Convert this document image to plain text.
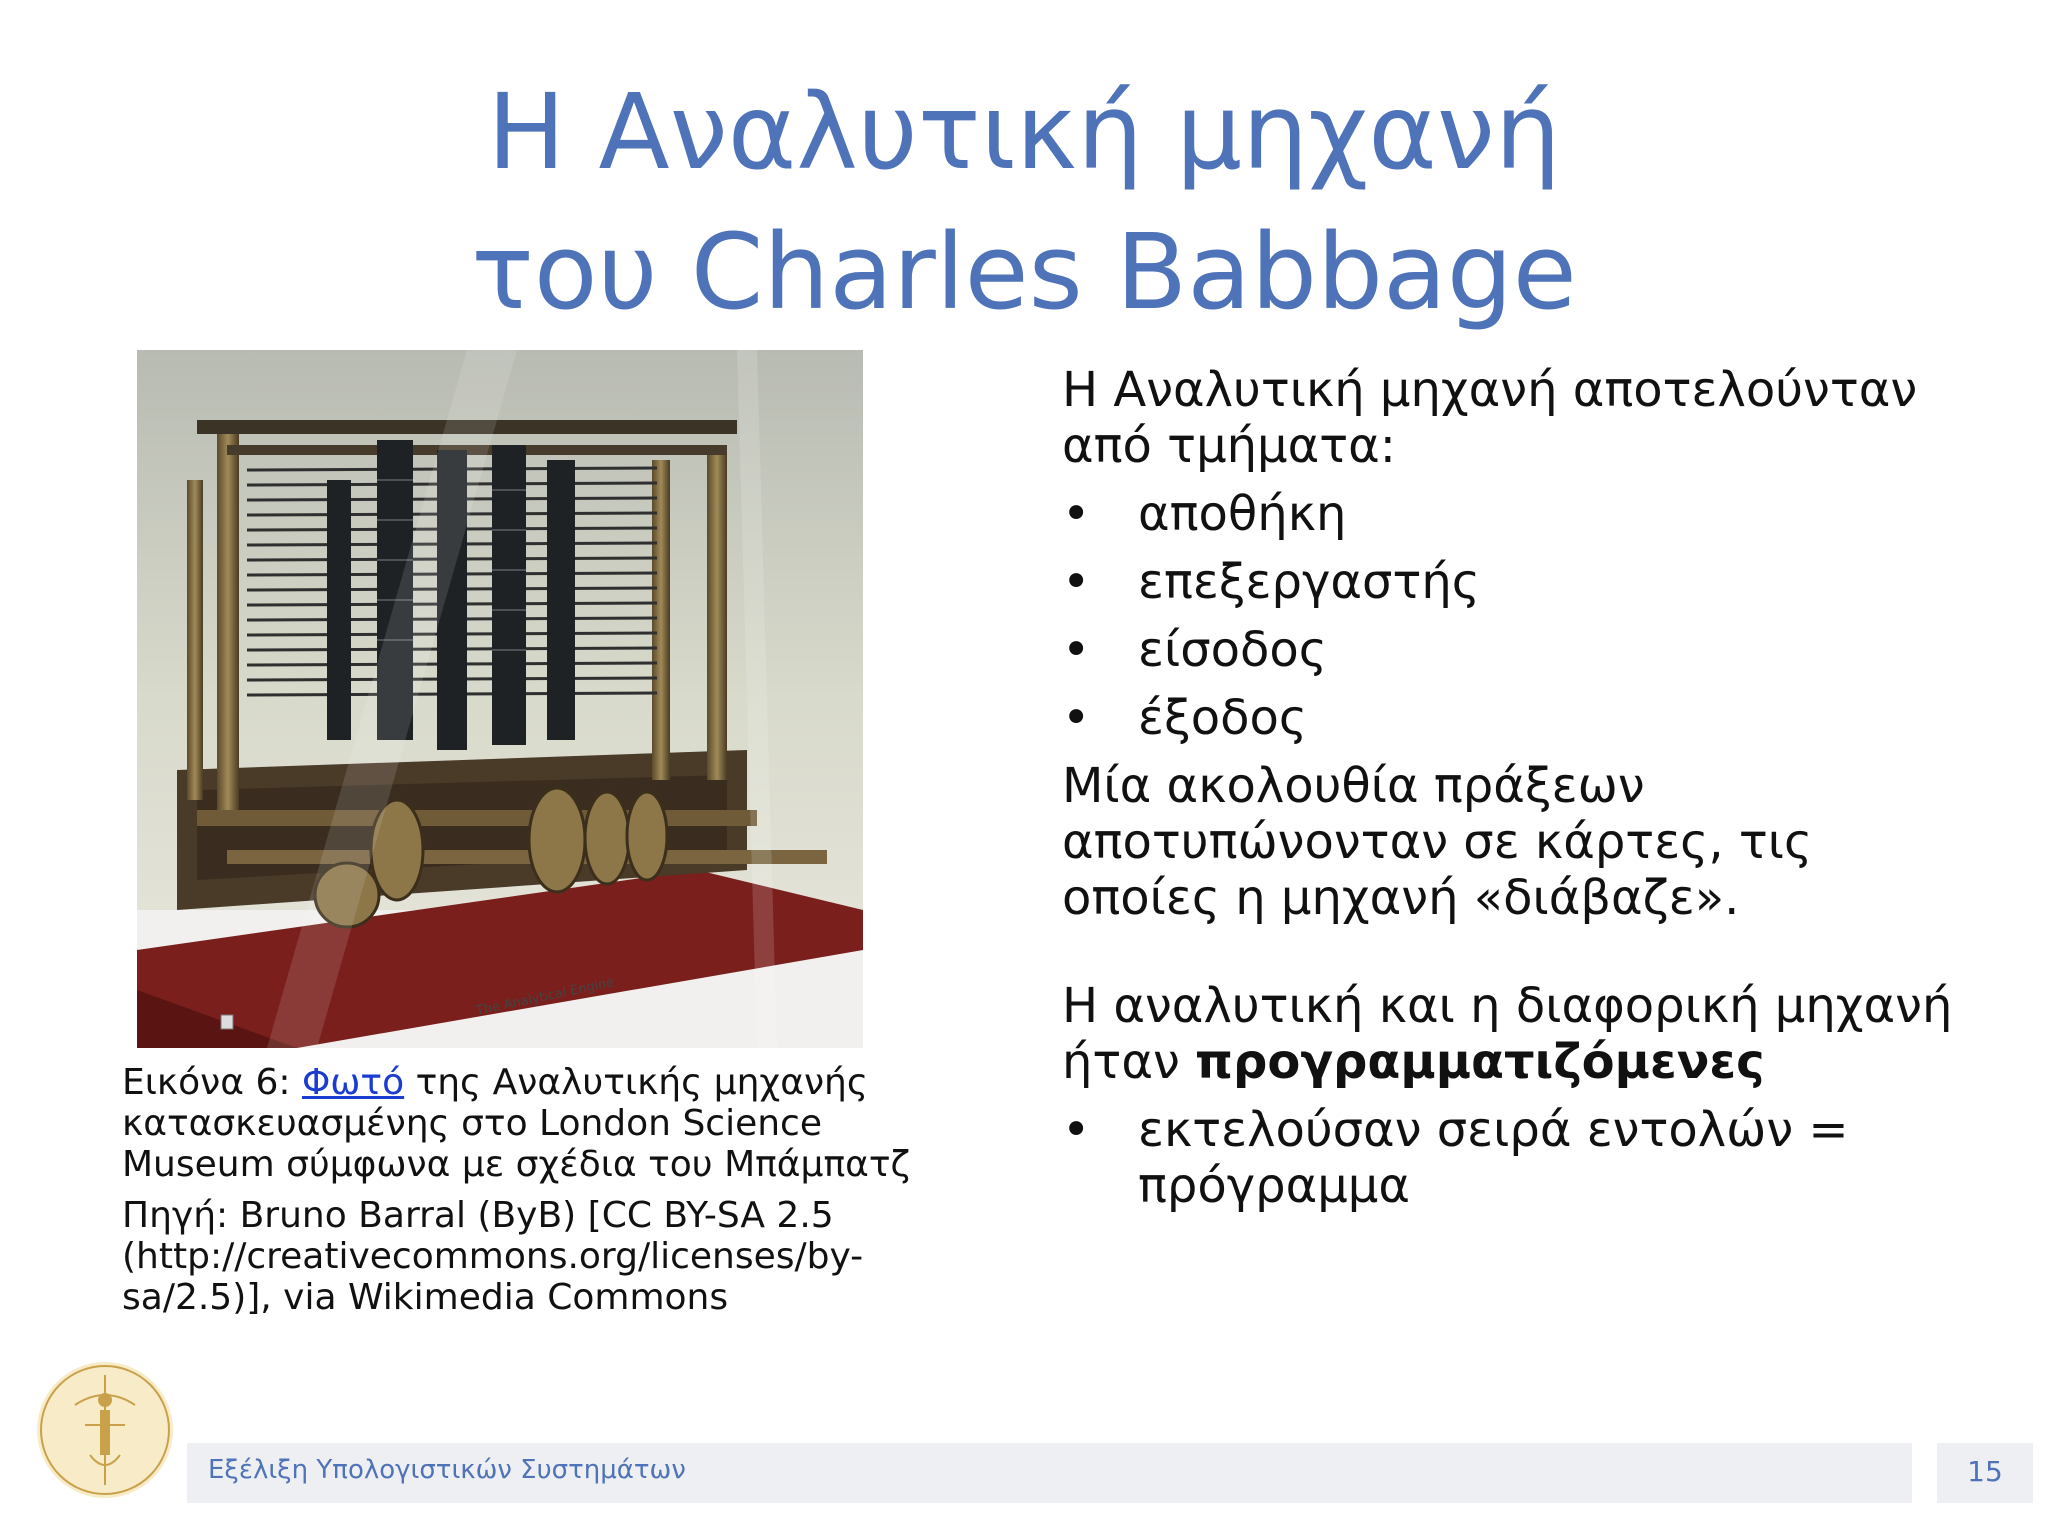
Η Αναλυτική μηχανή
του Charles Babbage
The Analytical Engine
Εικόνα 6: Φωτό της Αναλυτικής μηχανής
κατασκευασμένης στο London Science
Museum σύμφωνα με σχέδια του Μπάμπατζ
Πηγή: Bruno Barral (ByB) [CC BY-SA 2.5
(http://creativecommons.org/licenses/by-
sa/2.5)], via Wikimedia Commons
Η Αναλυτική μηχανή αποτελούνταν
από τμήματα:
• αποθήκη
• επεξεργαστής
• είσοδος
• έξοδος
Μία ακολουθία πράξεων
αποτυπώνονταν σε κάρτες, τις
οποίες η μηχανή «διάβαζε».
Η αναλυτική και η διαφορική μηχανή
ήταν προγραμματιζόμενες
• εκτελούσαν σειρά εντολών =
πρόγραμμα
Εξέλιξη Υπολογιστικών Συστημάτων	15
